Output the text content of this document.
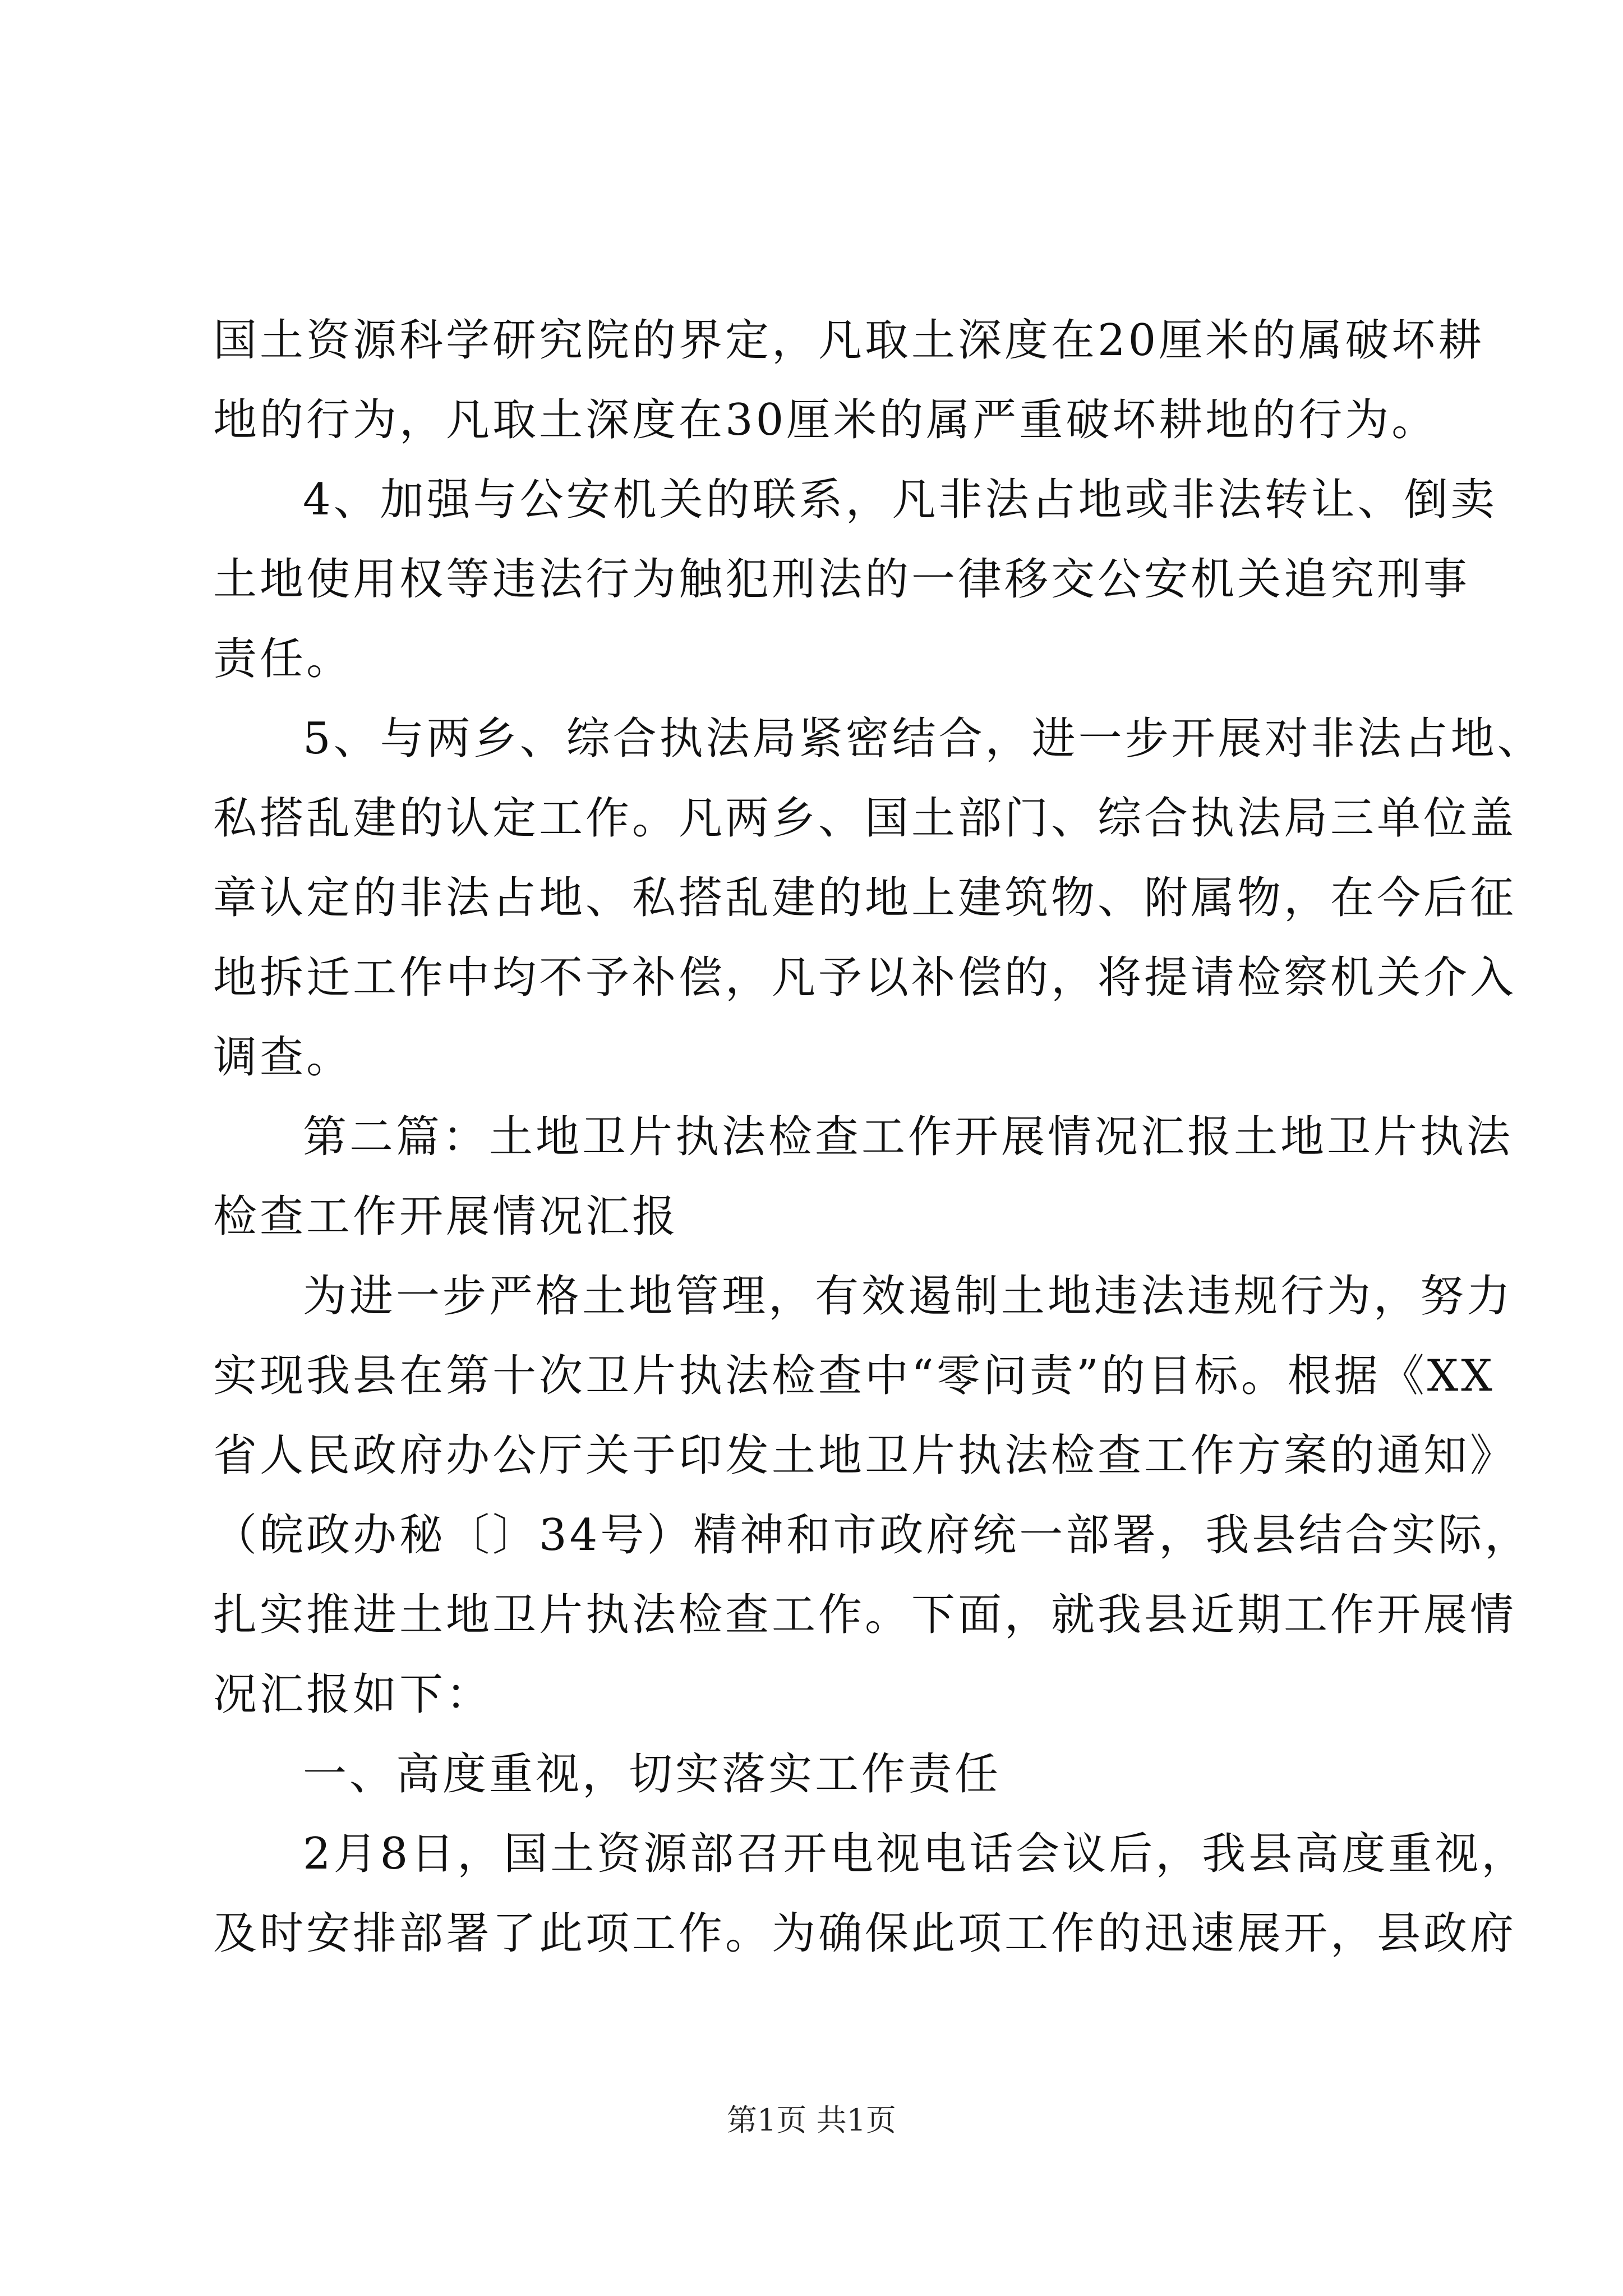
国土资源科学研究院的界定，凡取土深度在20厘米的属破坏耕
地的行为，凡取土深度在30厘米的属严重破坏耕地的行为。
4、加强与公安机关的联系，凡非法占地或非法转让、倒卖
土地使用权等违法行为触犯刑法的一律移交公安机关追究刑事
责任。
5、与两乡、综合执法局紧密结合，进一步开展对非法占地、
私搭乱建的认定工作。凡两乡、国土部门、综合执法局三单位盖
章认定的非法占地、私搭乱建的地上建筑物、附属物，在今后征
地拆迁工作中均不予补偿，凡予以补偿的，将提请检察机关介入
调查。
第二篇：土地卫片执法检查工作开展情况汇报土地卫片执法
检查工作开展情况汇报
为进一步严格土地管理，有效遏制土地违法违规行为，努力
实现我县在第十次卫片执法检查中“零问责”的目标。根据《XX
省人民政府办公厅关于印发土地卫片执法检查工作方案的通知》
（皖政办秘〔〕34号）精神和市政府统一部署，我县结合实际，
扎实推进土地卫片执法检查工作。下面，就我县近期工作开展情
况汇报如下：
一、高度重视，切实落实工作责任
2月8日，国土资源部召开电视电话会议后，我县高度重视，
及时安排部署了此项工作。为确保此项工作的迅速展开，县政府
第1页 共1页
